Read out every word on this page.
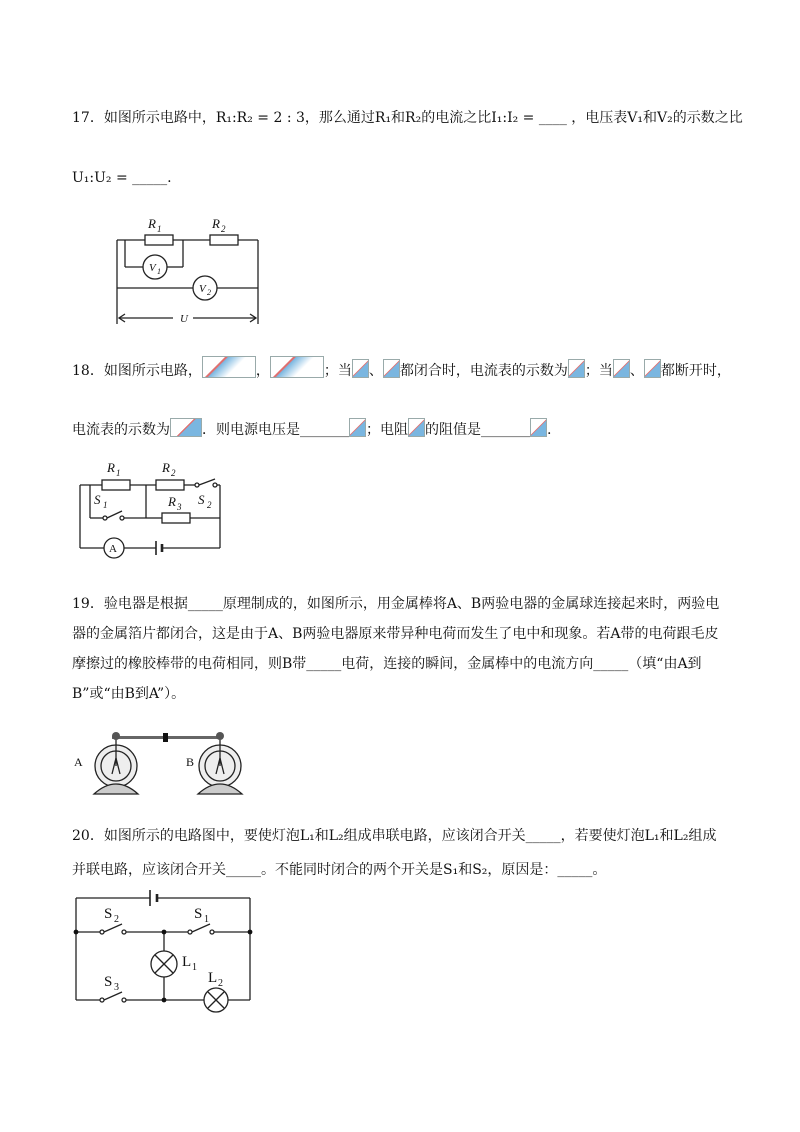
17．如图所示电路中，R₁:R₂ = 2 : 3，那么通过R₁和R₂的电流之比I₁:I₂ = ____ ，电压表V₁和V₂的示数之比
U₁:U₂ = _____.
R 1	R 2
V 1
V 2
U
18．如图所示电路，	，	；当 、 都闭合时，电流表的示数为 ；当 、 都断开时，
电流表的示数为 ．则电源电压是_______ ；电阻 的阻值是_______ .
R 1	R 2
R 3
S 1	S 2
A
19．验电器是根据_____原理制成的，如图所示，用金属棒将A、B两验电器的金属球连接起来时，两验电
器的金属箔片都闭合，这是由于A、B两验电器原来带异种电荷而发生了电中和现象。若A带的电荷跟毛皮
摩擦过的橡胶棒带的电荷相同，则B带_____电荷，连接的瞬间，金属棒中的电流方向_____（填“由A到
B”或“由B到A”）。
A	B
20．如图所示的电路图中，要使灯泡L₁和L₂组成串联电路，应该闭合开关_____，若要使灯泡L₁和L₂组成
并联电路，应该闭合开关_____。不能同时闭合的两个开关是S₁和S₂，原因是：_____。
S 2	S 1
S 3
L 1
L 2
